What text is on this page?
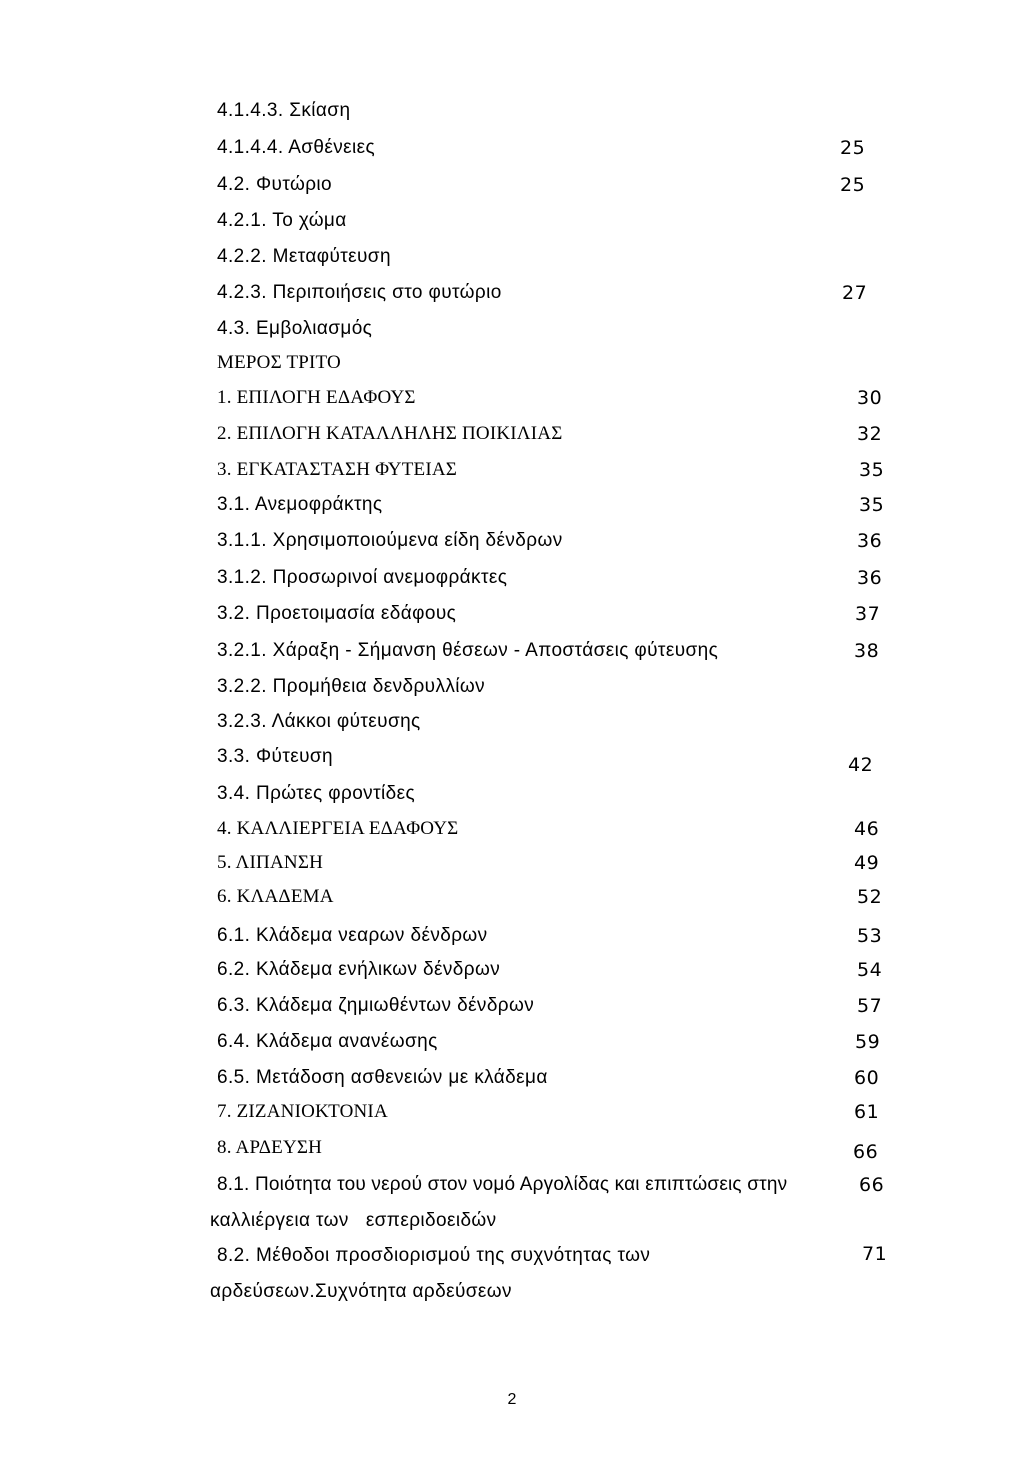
4.1.4.3. Σκίαση
4.1.4.4. Ασθένειες	25
4.2. Φυτώριο	25
4.2.1. Το χώμα
4.2.2. Μεταφύτευση
4.2.3. Περιποιήσεις στο φυτώριο	27
4.3. Εμβολιασμός
ΜΕΡΟΣ ΤΡΙΤΟ
1. ΕΠΙΛΟΓΗ ΕΔΑΦΟΥΣ	30
2. ΕΠΙΛΟΓΗ ΚΑΤΑΛΛΗΛΗΣ ΠΟΙΚΙΛΙΑΣ	32
3. ΕΓΚΑΤΑΣΤΑΣΗ ΦΥΤΕΙΑΣ	35
3.1. Ανεμοφράκτης	35
3.1.1. Χρησιμοποιούμενα είδη δένδρων	36
3.1.2. Προσωρινοί ανεμοφράκτες	36
3.2. Προετοιμασία εδάφους	37
3.2.1. Χάραξη - Σήμανση θέσεων - Αποστάσεις φύτευσης	38
3.2.2. Προμήθεια δενδρυλλίων
3.2.3. Λάκκοι φύτευσης
3.3. Φύτευση	42
3.4. Πρώτες φροντίδες
4. ΚΑΛΛΙΕΡΓΕΙΑ ΕΔΑΦΟΥΣ	46
5. ΛΙΠΑΝΣΗ	49
6. ΚΛΑΔΕΜΑ	52
6.1. Κλάδεμα νεαρων δένδρων	53
6.2. Κλάδεμα ενήλικων δένδρων	54
6.3. Κλάδεμα ζημιωθέντων δένδρων	57
6.4. Κλάδεμα ανανέωσης	59
6.5. Μετάδοση ασθενειών με κλάδεμα	60
7. ΖΙΖΑΝΙΟΚΤΟΝΙΑ	61
8. ΑΡΔΕΥΣΗ	66
8.1. Ποιότητα του νερού στον νομό Αργολίδας και επιπτώσεις στην	66
καλλιέργεια των   εσπεριδοειδών
8.2. Μέθοδοι προσδιορισμού της συχνότητας των	71
αρδεύσεων.Συχνότητα αρδεύσεων
2
